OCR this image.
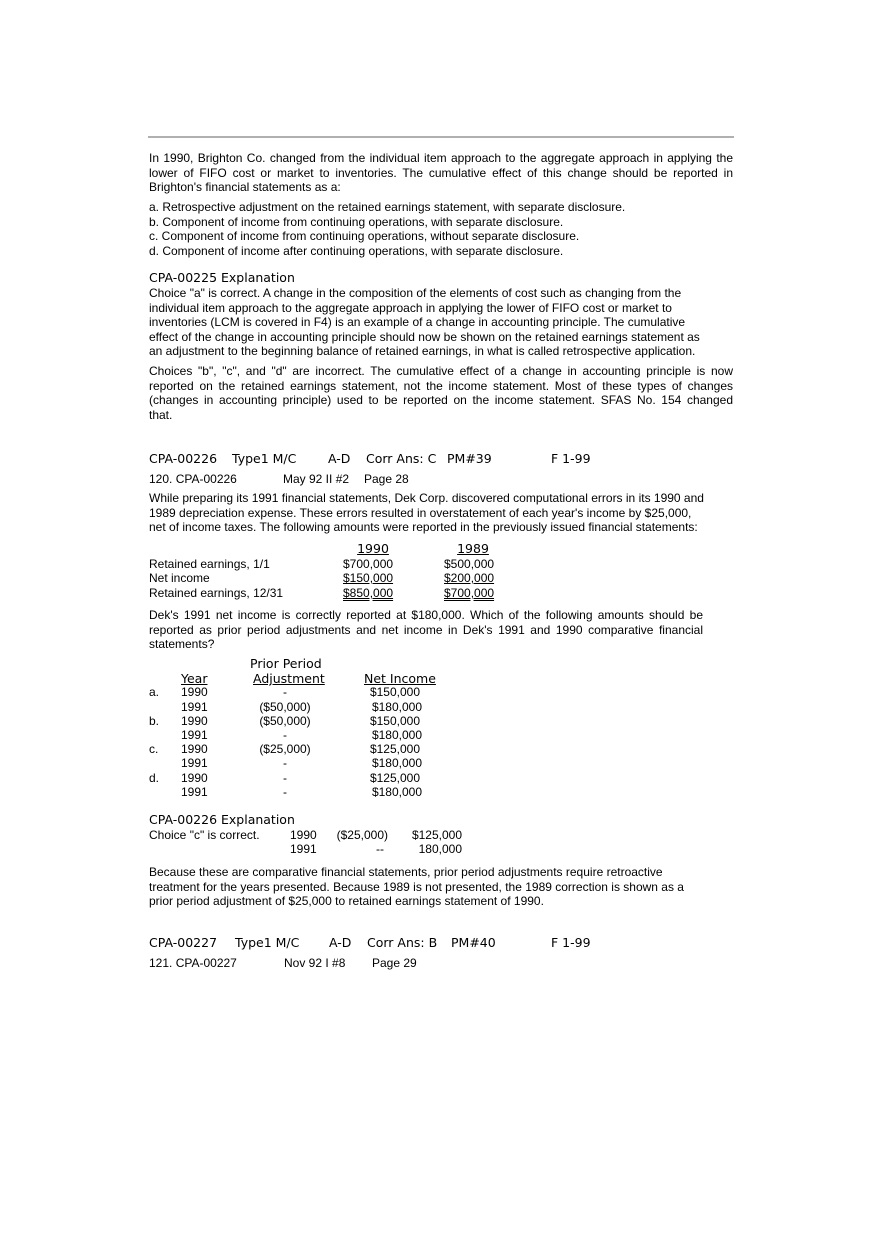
In 1990, Brighton Co. changed from the individual item approach to the aggregate approach in applying the
lower of FIFO cost or market to inventories. The cumulative effect of this change should be reported in
Brighton's financial statements as a:
a. Retrospective adjustment on the retained earnings statement, with separate disclosure.
b. Component of income from continuing operations, with separate disclosure.
c. Component of income from continuing operations, without separate disclosure.
d. Component of income after continuing operations, with separate disclosure.
CPA-00225 Explanation
Choice "a" is correct. A change in the composition of the elements of cost such as changing from the
individual item approach to the aggregate approach in applying the lower of FIFO cost or market to
inventories (LCM is covered in F4) is an example of a change in accounting principle. The cumulative
effect of the change in accounting principle should now be shown on the retained earnings statement as
an adjustment to the beginning balance of retained earnings, in what is called retrospective application.
Choices "b", "c", and "d" are incorrect. The cumulative effect of a change in accounting principle is now
reported on the retained earnings statement, not the income statement. Most of these types of changes
(changes in accounting principle) used to be reported on the income statement. SFAS No. 154 changed
that.
CPA-00226 Type1 M/C	A-D Corr Ans: C PM#39	F 1-99
120. CPA-00226	May 92 II #2 Page 28
While preparing its 1991 financial statements, Dek Corp. discovered computational errors in its 1990 and
1989 depreciation expense. These errors resulted in overstatement of each year's income by $25,000,
net of income taxes. The following amounts were reported in the previously issued financial statements:
1990	1989
Retained earnings, 1/1	$700,000	$500,000
Net income	$150,000	$200,000
Retained earnings, 12/31	$850,000	$700,000
Dek's 1991 net income is correctly reported at $180,000. Which of the following amounts should be
reported as prior period adjustments and net income in Dek's 1991 and 1990 comparative financial
statements?
Prior Period
Year	Adjustment	Net Income
a. 1990	-	$150,000
1991	($50,000)	$180,000
b. 1990	($50,000)	$150,000
1991	-	$180,000
c. 1990	($25,000)	$125,000
1991	-	$180,000
d. 1990	-	$125,000
1991	-	$180,000
CPA-00226 Explanation
Choice "c" is correct.	1990	($25,000)	$125,000
1991	--	180,000
Because these are comparative financial statements, prior period adjustments require retroactive
treatment for the years presented. Because 1989 is not presented, the 1989 correction is shown as a
prior period adjustment of $25,000 to retained earnings statement of 1990.
CPA-00227 Type1 M/C A-D Corr Ans: B PM#40	F 1-99
121. CPA-00227	Nov 92 I #8 Page 29
